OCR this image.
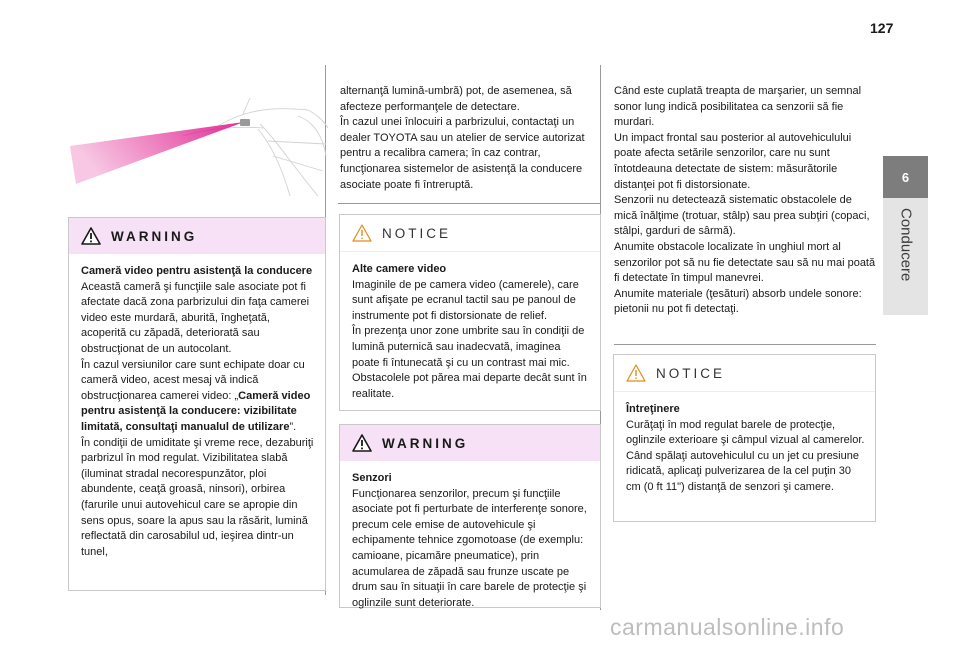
127
6
Conducere
WARNING

Cameră video pentru asistenţă la conducere

Această cameră şi funcţiile sale asociate pot fi afectate dacă zona parbrizului din faţa camerei video este murdară, aburită, îngheţată, acoperită cu zăpadă, deteriorată sau obstrucţionat de un autocolant.

În cazul versiunilor care sunt echipate doar cu cameră video, acest mesaj vă indică obstrucţionarea camerei video: „Cameră video pentru asistenţă la conducere: vizibilitate limitată, consultaţi manualul de utilizare”.

În condiţii de umiditate şi vreme rece, dezaburiţi parbrizul în mod regulat. Vizibilitatea slabă (iluminat stradal necorespunzător, ploi abundente, ceaţă groasă, ninsori), orbirea (farurile unui autovehicul care se apropie din sens opus, soare la apus sau la răsărit, lumină reflectată din carosabilul ud, ieşirea dintr-un tunel,

alternanţă lumină-umbră) pot, de asemenea, să afecteze performanţele de detectare.

În cazul unei înlocuiri a parbrizului, contactaţi un dealer TOYOTA sau un atelier de service autorizat pentru a recalibra camera; în caz contrar, funcţionarea sistemelor de asistenţă la conducere asociate poate fi întreruptă.

NOTICE

Alte camere video

Imaginile de pe camera video (camerele), care sunt afişate pe ecranul tactil sau pe panoul de instrumente pot fi distorsionate de relief.

În prezenţa unor zone umbrite sau în condiţii de lumină puternică sau inadecvată, imaginea poate fi întunecată şi cu un contrast mai mic.

Obstacolele pot părea mai departe decât sunt în realitate.

WARNING

Senzori

Funcţionarea senzorilor, precum şi funcţiile asociate pot fi perturbate de interferenţe sonore, precum cele emise de autovehicule şi echipamente tehnice zgomotoase (de exemplu: camioane, picamăre pneumatice), prin acumularea de zăpadă sau frunze uscate pe drum sau în situaţii în care barele de protecţie şi oglinzile sunt deteriorate.

Când este cuplată treapta de marşarier, un semnal sonor lung indică posibilitatea ca senzorii să fie murdari.

Un impact frontal sau posterior al autovehiculului poate afecta setările senzorilor, care nu sunt întotdeauna detectate de sistem: măsurătorile distanţei pot fi distorsionate.

Senzorii nu detectează sistematic obstacolele de mică înălţime (trotuar, stâlp) sau prea subţiri (copaci, stâlpi, garduri de sârmă).

Anumite obstacole localizate în unghiul mort al senzorilor pot să nu fie detectate sau să nu mai poată fi detectate în timpul manevrei.

Anumite materiale (ţesături) absorb undele sonore: pietonii nu pot fi detectaţi.

NOTICE

Întreţinere

Curăţaţi în mod regulat barele de protecţie, oglinzile exterioare şi câmpul vizual al camerelor.

Când spălaţi autovehiculul cu un jet cu presiune ridicată, aplicaţi pulverizarea de la cel puţin 30 cm (0 ft 11") distanţă de senzori şi camere.

carmanualsonline.info
